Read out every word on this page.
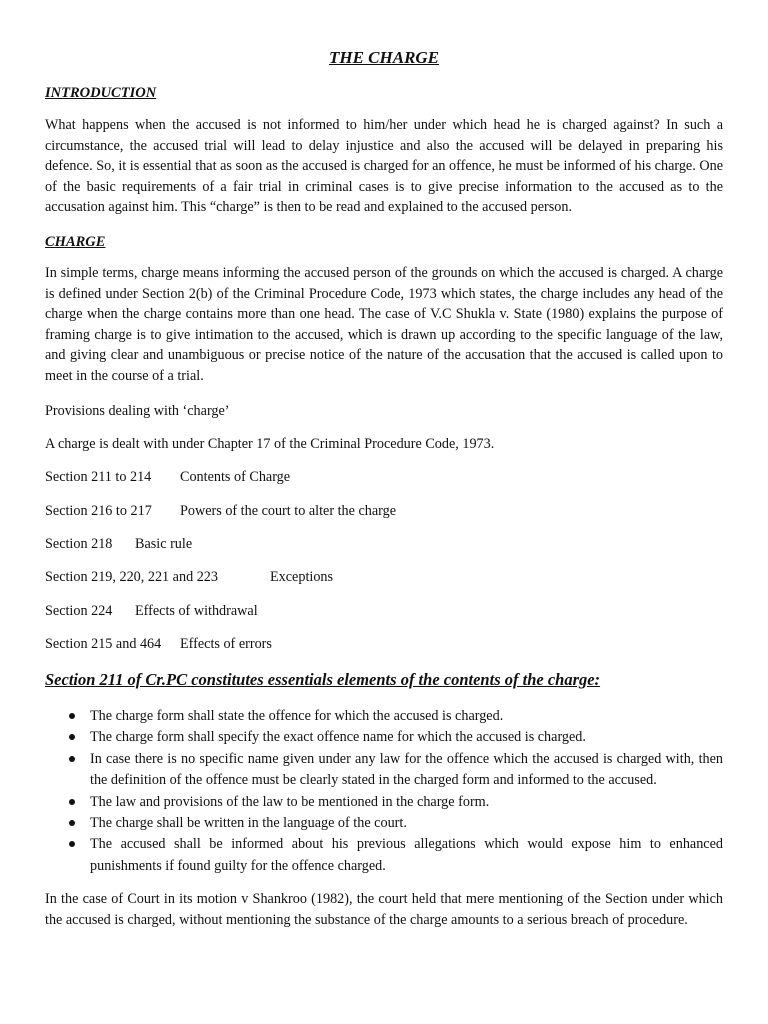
THE CHARGE
INTRODUCTION
What happens when the accused is not informed to him/her under which head he is charged against? In such a circumstance, the accused trial will lead to delay injustice and also the accused will be delayed in preparing his defence. So, it is essential that as soon as the accused is charged for an offence, he must be informed of his charge. One of the basic requirements of a fair trial in criminal cases is to give precise information to the accused as to the accusation against him. This “charge” is then to be read and explained to the accused person.
CHARGE
In simple terms, charge means informing the accused person of the grounds on which the accused is charged. A charge is defined under Section 2(b) of the Criminal Procedure Code, 1973 which states, the charge includes any head of the charge when the charge contains more than one head. The case of V.C Shukla v. State (1980) explains the purpose of framing charge is to give intimation to the accused, which is drawn up according to the specific language of the law, and giving clear and unambiguous or precise notice of the nature of the accusation that the accused is called upon to meet in the course of a trial.
Provisions dealing with ‘charge’
A charge is dealt with under Chapter 17 of the Criminal Procedure Code, 1973.
Section 211 to 214 Contents of Charge
Section 216 to 217 Powers of the court to alter the charge
Section 218 Basic rule
Section 219, 220, 221 and 223	Exceptions
Section 224 Effects of withdrawal
Section 215 and 464 Effects of errors
Section 211 of Cr.PC constitutes essentials elements of the contents of the charge:
The charge form shall state the offence for which the accused is charged.
The charge form shall specify the exact offence name for which the accused is charged.
In case there is no specific name given under any law for the offence which the accused is charged with, then the definition of the offence must be clearly stated in the charged form and informed to the accused.
The law and provisions of the law to be mentioned in the charge form.
The charge shall be written in the language of the court.
The accused shall be informed about his previous allegations which would expose him to enhanced punishments if found guilty for the offence charged.
In the case of Court in its motion v Shankroo (1982), the court held that mere mentioning of the Section under which the accused is charged, without mentioning the substance of the charge amounts to a serious breach of procedure.
